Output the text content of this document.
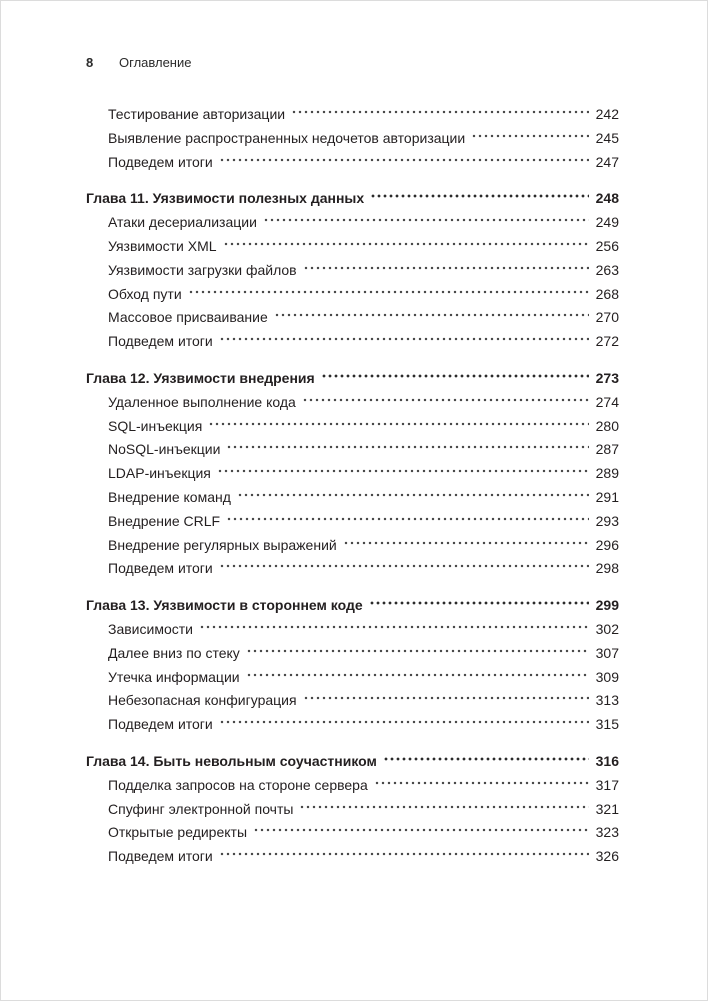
8	Оглавление
Тестирование авторизации	242
Выявление распространенных недочетов авторизации	245
Подведем итоги	247
Глава 11. Уязвимости полезных данных	248
Атаки десериализации	249
Уязвимости XML	256
Уязвимости загрузки файлов	263
Обход пути	268
Массовое присваивание	270
Подведем итоги	272
Глава 12. Уязвимости внедрения	273
Удаленное выполнение кода	274
SQL-инъекция	280
NoSQL-инъекции	287
LDAP-инъекция	289
Внедрение команд	291
Внедрение CRLF	293
Внедрение регулярных выражений	296
Подведем итоги	298
Глава 13. Уязвимости в стороннем коде	299
Зависимости	302
Далее вниз по стеку	307
Утечка информации	309
Небезопасная конфигурация	313
Подведем итоги	315
Глава 14. Быть невольным соучастником	316
Подделка запросов на стороне сервера	317
Спуфинг электронной почты	321
Открытые редиректы	323
Подведем итоги	326
